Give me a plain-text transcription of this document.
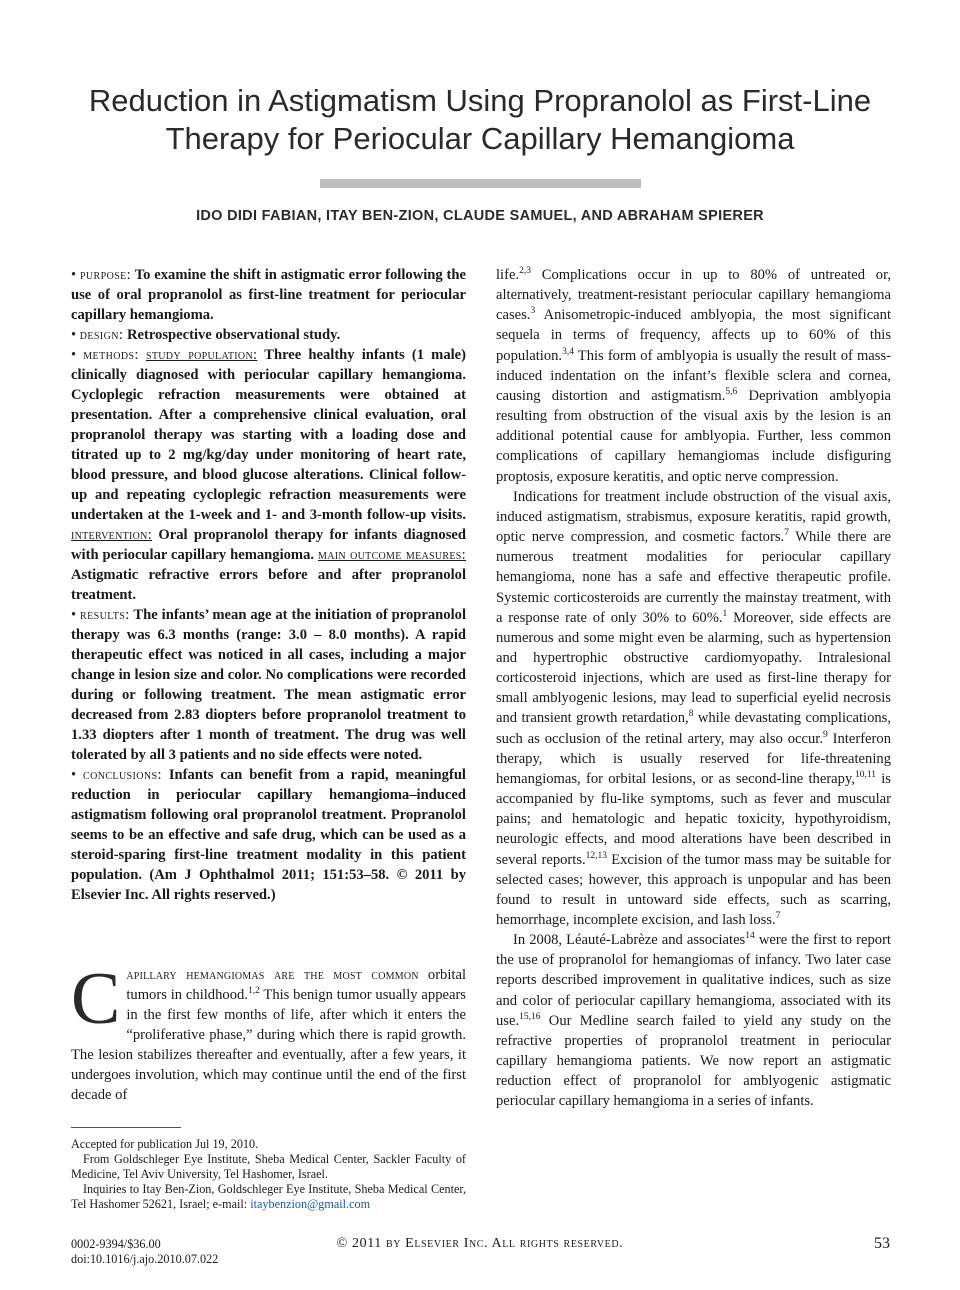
Reduction in Astigmatism Using Propranolol as First-Line Therapy for Periocular Capillary Hemangioma

IDO DIDI FABIAN, ITAY BEN-ZION, CLAUDE SAMUEL, AND ABRAHAM SPIERER

• purpose: To examine the shift in astigmatic error following the use of oral propranolol as first-line treatment for periocular capillary hemangioma.

• design: Retrospective observational study.

• methods: study population: Three healthy infants (1 male) clinically diagnosed with periocular capillary hemangioma. Cycloplegic refraction measurements were obtained at presentation. After a comprehensive clinical evaluation, oral propranolol therapy was starting with a loading dose and titrated up to 2 mg/kg/day under monitoring of heart rate, blood pressure, and blood glucose alterations. Clinical follow-up and repeating cycloplegic refraction measurements were undertaken at the 1-week and 1- and 3-month follow-up visits. intervention: Oral propranolol therapy for infants diagnosed with periocular capillary hemangioma. main outcome measures: Astigmatic refractive errors before and after propranolol treatment.

• results: The infants’ mean age at the initiation of propranolol therapy was 6.3 months (range: 3.0 – 8.0 months). A rapid therapeutic effect was noticed in all cases, including a major change in lesion size and color. No complications were recorded during or following treatment. The mean astigmatic error decreased from 2.83 diopters before propranolol treatment to 1.33 diopters after 1 month of treatment. The drug was well tolerated by all 3 patients and no side effects were noted.

• conclusions: Infants can benefit from a rapid, meaningful reduction in periocular capillary hemangioma–induced astigmatism following oral propranolol treatment. Propranolol seems to be an effective and safe drug, which can be used as a steroid-sparing first-line treatment modality in this patient population. (Am J Ophthalmol 2011; 151:53–58. © 2011 by Elsevier Inc. All rights reserved.)

Capillary hemangiomas are the most common orbital tumors in childhood.$^{1,2}$ This benign tumor usually appears in the first few months of life, after which it enters the “proliferative phase,” during which there is rapid growth. The lesion stabilizes thereafter and eventually, after a few years, it undergoes involution, which may continue until the end of the first decade of

life.$^{2,3}$ Complications occur in up to 80% of untreated or, alternatively, treatment-resistant periocular capillary hemangioma cases.$^3$ Anisometropic-induced amblyopia, the most significant sequela in terms of frequency, affects up to 60% of this population.$^{3,4}$ This form of amblyopia is usually the result of mass-induced indentation on the infant’s flexible sclera and cornea, causing distortion and astigmatism.$^{5,6}$ Deprivation amblyopia resulting from obstruction of the visual axis by the lesion is an additional potential cause for amblyopia. Further, less common complications of capillary hemangiomas include disfiguring proptosis, exposure keratitis, and optic nerve compression.

Indications for treatment include obstruction of the visual axis, induced astigmatism, strabismus, exposure keratitis, rapid growth, optic nerve compression, and cosmetic factors.$^7$ While there are numerous treatment modalities for periocular capillary hemangioma, none has a safe and effective therapeutic profile. Systemic corticosteroids are currently the mainstay treatment, with a response rate of only 30% to 60%.$^1$ Moreover, side effects are numerous and some might even be alarming, such as hypertension and hypertrophic obstructive cardiomyopathy. Intralesional corticosteroid injections, which are used as first-line therapy for small amblyogenic lesions, may lead to superficial eyelid necrosis and transient growth retardation,$^8$ while devastating complications, such as occlusion of the retinal artery, may also occur.$^9$ Interferon therapy, which is usually reserved for life-threatening hemangiomas, for orbital lesions, or as second-line therapy,$^{10,11}$ is accompanied by flu-like symptoms, such as fever and muscular pains; and hematologic and hepatic toxicity, hypothyroidism, neurologic effects, and mood alterations have been described in several reports.$^{12,13}$ Excision of the tumor mass may be suitable for selected cases; however, this approach is unpopular and has been found to result in untoward side effects, such as scarring, hemorrhage, incomplete excision, and lash loss.$^7$

In 2008, Léauté-Labrèze and associates$^{14}$ were the first to report the use of propranolol for hemangiomas of infancy. Two later case reports described improvement in qualitative indices, such as size and color of periocular capillary hemangioma, associated with its use.$^{15,16}$ Our Medline search failed to yield any study on the refractive properties of propranolol treatment in periocular capillary hemangioma patients. We now report an astigmatic reduction effect of propranolol for amblyogenic astigmatic periocular capillary hemangioma in a series of infants.

Accepted for publication Jul 19, 2010.

From Goldschleger Eye Institute, Sheba Medical Center, Sackler Faculty of Medicine, Tel Aviv University, Tel Hashomer, Israel.

Inquiries to Itay Ben-Zion, Goldschleger Eye Institute, Sheba Medical Center, Tel Hashomer 52621, Israel; e-mail: itaybenzion@gmail.com

0002-9394/$36.00
doi:10.1016/j.ajo.2010.07.022
© 2011 by Elsevier Inc. All rights reserved.	53
